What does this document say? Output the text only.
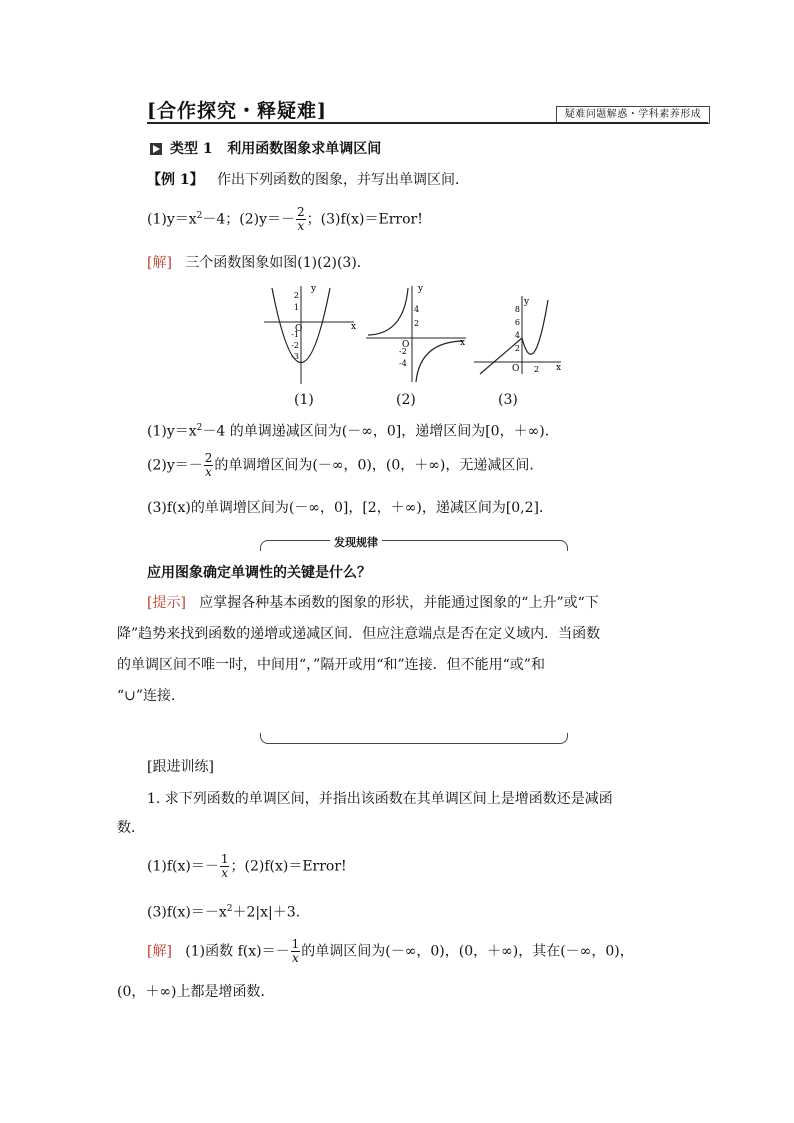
[合作探究・释疑难]	疑难问题解惑・学科素养形成
类型 1 利用函数图象求单调区间
【例 1】 作出下列函数的图象，并写出单调区间．
$(1)y=x^2-4$；$(2)y=- \frac{2}{x}$ ；(3)f(x)＝Error!
[解] 三个函数图象如图(1)(2)(3)．
y
x
O
2
1
-1
-2
-3
y
x
O
4
2
-2
-4
y
x
O 2
8
6
4
2
(1)	(2)	(3)
$(1)y=x^2-4$ 的单调递减区间为(－∞，0]，递增区间为[0，＋∞)．
$(2)y=- \frac{2}{x}$ 的单调增区间为(－∞，0)，(0，＋∞)，无递减区间．
(3)f(x)的单调增区间为(－∞，0]，[2，＋∞)，递减区间为[0,2]．
发现规律
应用图象确定单调性的关键是什么？
[提示] 应掌握各种基本函数的图象的形状，并能通过图象的“上升”或“下
降”趋势来找到函数的递增或递减区间．但应注意端点是否在定义域内．当函数
的单调区间不唯一时，中间用“，”隔开或用“和”连接．但不能用“或”和
“∪”连接．
[跟进训练]
1. 求下列函数的单调区间，并指出该函数在其单调区间上是增函数还是减函
数．
$(1)f(x)=- \frac{1}{x}$ ；(2)f(x)＝Error!
$(3)f(x)=-x^2+2|x|+3$.
[解] (1)函数 $f(x)=- \frac{1}{x}$ 的单调区间为(－∞，0)，(0，＋∞)，其在(－∞，0)，
(0，＋∞)上都是增函数．
